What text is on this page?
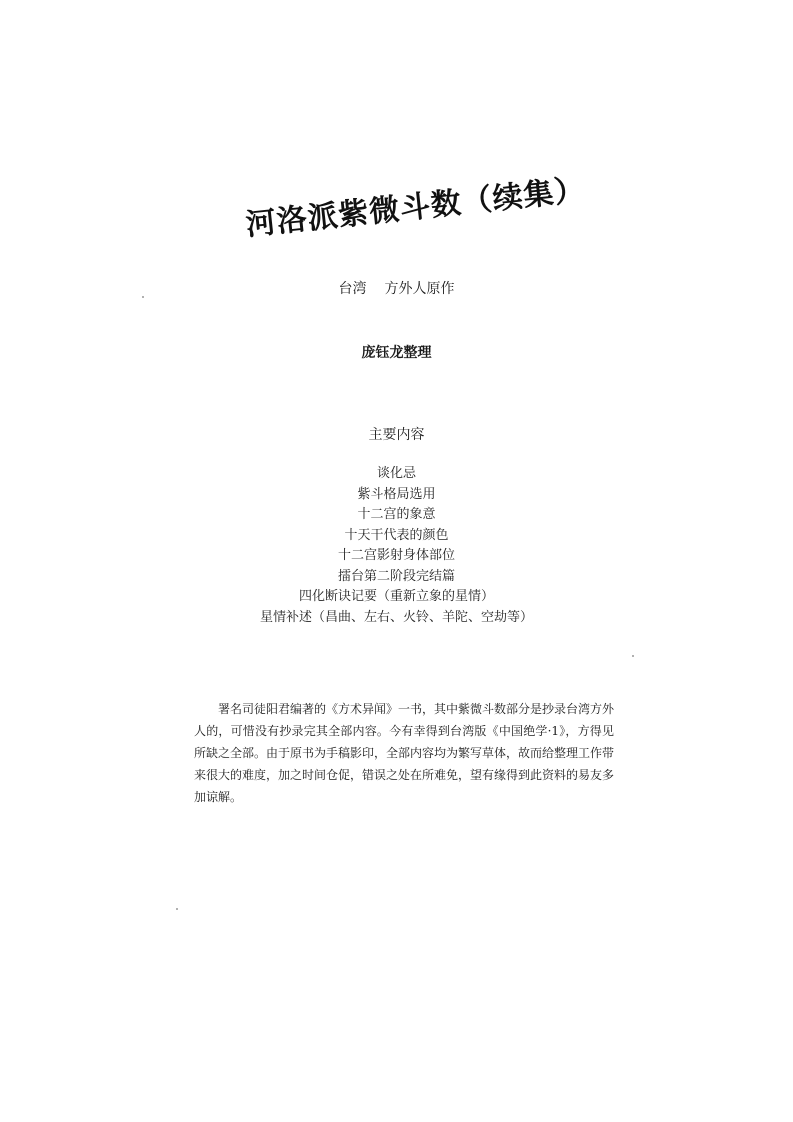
河洛派紫微斗数（续集）
台湾 方外人原作
庞钰龙整理
主要内容
谈化忌
紫斗格局选用
十二宫的象意
十天干代表的颜色
十二宫影射身体部位
擂台第二阶段完结篇
四化断诀记要（重新立象的星情）
星情补述（昌曲、左右、火铃、羊陀、空劫等）

署名司徒阳君编著的《方术异闻》一书，其中紫微斗数部分是抄录台湾方外人的，可惜没有抄录完其全部内容。今有幸得到台湾版《中国绝学·1》，方得见所缺之全部。由于原书为手稿影印，全部内容均为繁写草体，故而给整理工作带来很大的难度，加之时间仓促，错误之处在所难免，望有缘得到此资料的易友多加谅解。
